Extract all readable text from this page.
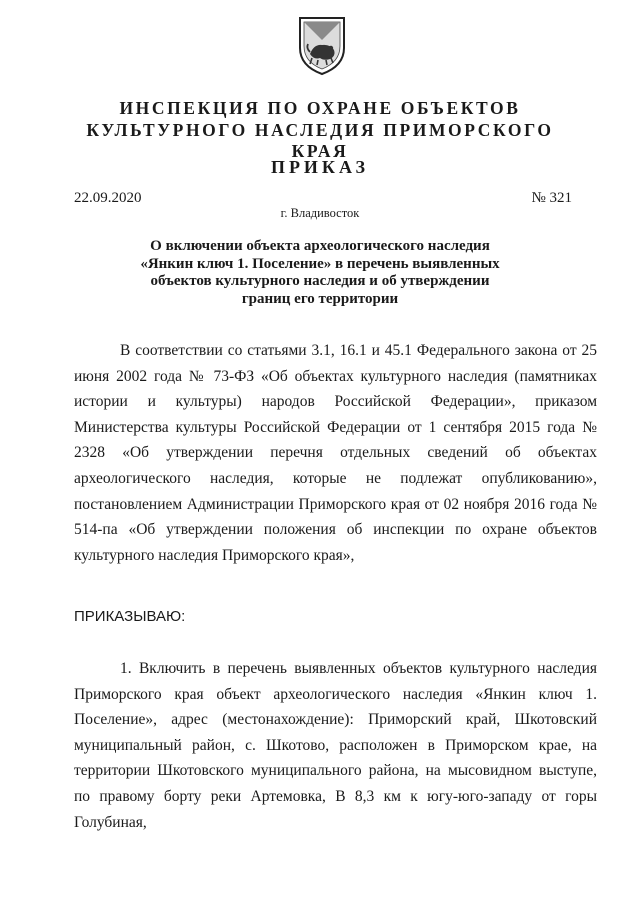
ИНСПЕКЦИЯ ПО ОХРАНЕ ОБЪЕКТОВ
КУЛЬТУРНОГО НАСЛЕДИЯ ПРИМОРСКОГО КРАЯ
ПРИКАЗ
22.09.2020	№ 321
г. Владивосток
О включении объекта археологического наследия
«Янкин ключ 1. Поселение» в перечень выявленных
объектов культурного наследия и об утверждении
границ его территории
В соответствии со статьями 3.1, 16.1 и 45.1 Федерального закона от 25 июня 2002 года № 73-ФЗ «Об объектах культурного наследия (памятниках истории и культуры) народов Российской Федерации», приказом Министерства культуры Российской Федерации от 1 сентября 2015 года № 2328 «Об утверждении перечня отдельных сведений об объектах археологического наследия, которые не подлежат опубликованию», постановлением Администрации Приморского края от 02 ноября 2016 года № 514-па «Об утверждении положения об инспекции по охране объектов культурного наследия Приморского края»,
ПРИКАЗЫВАЮ:
1. Включить в перечень выявленных объектов культурного наследия Приморского края объект археологического наследия «Янкин ключ 1. Поселение», адрес (местонахождение): Приморский край, Шкотовский муниципальный район, с. Шкотово, расположен в Приморском крае, на территории Шкотовского муниципального района, на мысовидном выступе, по правому борту реки Артемовка, В 8,3 км к югу-юго-западу от горы Голубиная,
